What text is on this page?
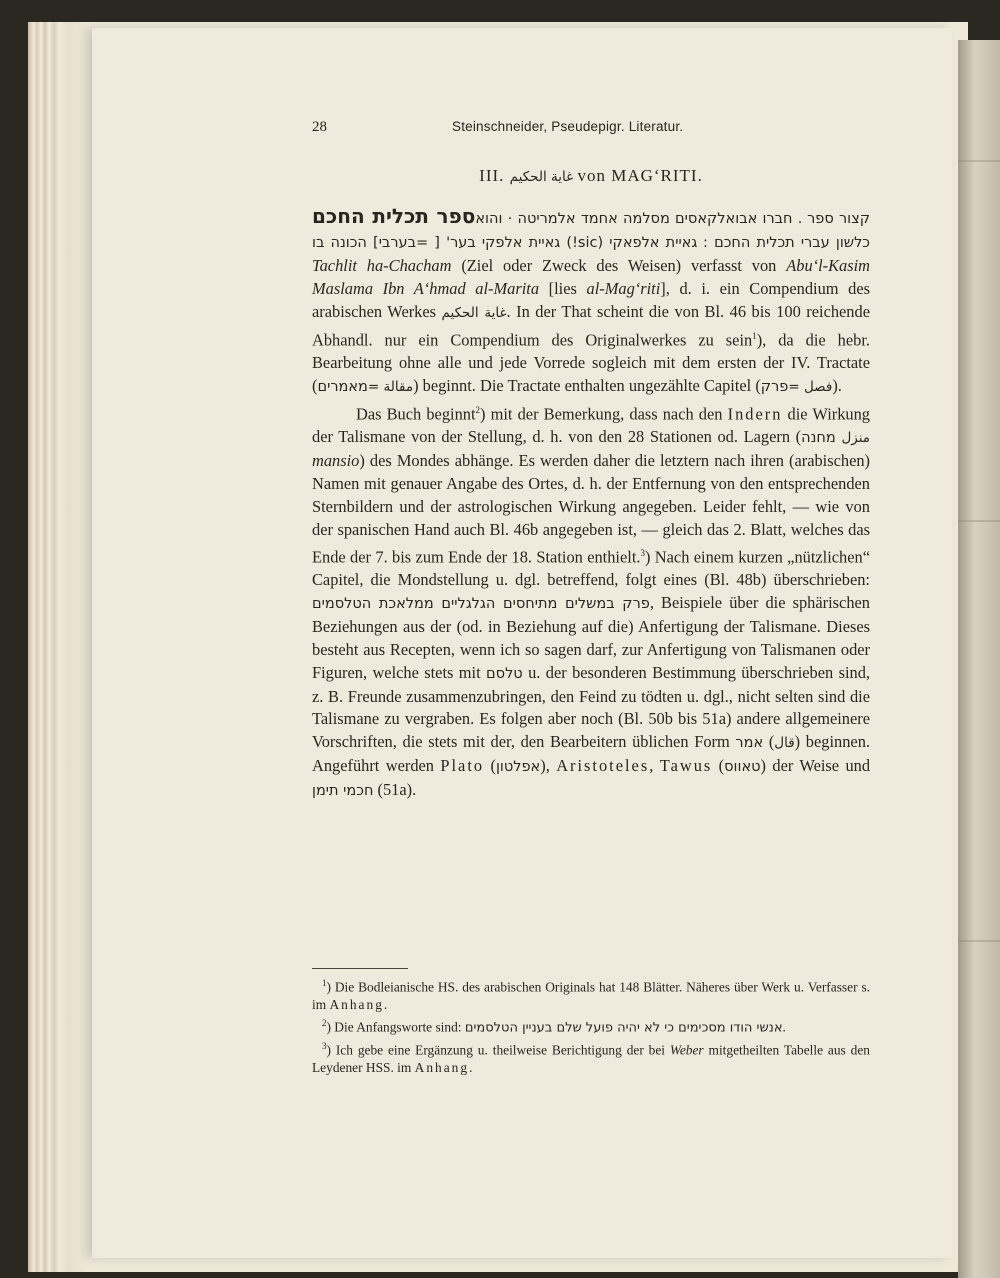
28	Steinschneider, Pseudepigr. Literatur.
III. غاية الحكيم von MAG‘RITI.

ספר תכלית החכם. חברו אבואלקאסים מסלמה אחמד אלמריטה · והוא קצור ספר גאיית אלפאקי (sic!) גאיית אלפקי בער' [ =בערבי] הכונה בו כלשון עברי תכלית החכם : Tachlit ha-Chacham (Ziel oder Zweck des Weisen) verfasst von Abu‘l-Kasim Maslama Ibn A‘hmad al-Marita [lies al-Mag‘riti], d. i. ein Compendium des arabischen Werkes غاية الحكيم. In der That scheint die von Bl. 46 bis 100 reichende Abhandl. nur ein Compendium des Originalwerkes zu sein$^1$), da die hebr. Bearbeitung ohne alle und jede Vorrede sogleich mit dem ersten der IV. Tractate (מאמרים= مقالة) beginnt. Die Tractate enthalten ungezählte Capitel (פרק= فصل).

Das Buch beginnt$^2$) mit der Bemerkung, dass nach den Indern die Wirkung der Talismane von der Stellung, d. h. von den 28 Stationen od. Lagern (מחנה منزل mansio) des Mondes abhänge. Es werden daher die letztern nach ihren (arabischen) Namen mit genauer Angabe des Ortes, d. h. der Entfernung von den entsprechenden Sternbildern und der astrologischen Wirkung angegeben. Leider fehlt, — wie von der spanischen Hand auch Bl. 46b angegeben ist, — gleich das 2. Blatt, welches das Ende der 7. bis zum Ende der 18. Station enthielt.$^3$) Nach einem kurzen „nützlichen“ Capitel, die Mondstellung u. dgl. betreffend, folgt eines (Bl. 48b) überschrieben: פרק במשלים מתיחסים הגלגליים ממלאכת הטלסמים, Beispiele über die sphärischen Beziehungen aus der (od. in Beziehung auf die) Anfertigung der Talismane. Dieses besteht aus Recepten, wenn ich so sagen darf, zur Anfertigung von Talismanen oder Figuren, welche stets mit טלסם u. der besonderen Bestimmung überschrieben sind, z. B. Freunde zusammenzubringen, den Feind zu tödten u. dgl., nicht selten sind die Talismane zu vergraben. Es folgen aber noch (Bl. 50b bis 51a) andere allgemeinere Vorschriften, die stets mit der, den Bearbeitern üblichen Form אמר (قال) beginnen. Angeführt werden Plato (אפלטון), Aristoteles, Tawus (טאווס) der Weise und חכמי תימן (51a).

$^1$) Die Bodleianische HS. des arabischen Originals hat 148 Blätter. Näheres über Werk u. Verfasser s. im Anhang.

$^2$) Die Anfangsworte sind: אנשי הודו מסכימים כי לא יהיה פועל שלם בעניין הטלסמים.

$^3$) Ich gebe eine Ergänzung u. theilweise Berichtigung der bei Weber mitgetheilten Tabelle aus den Leydener HSS. im Anhang.
